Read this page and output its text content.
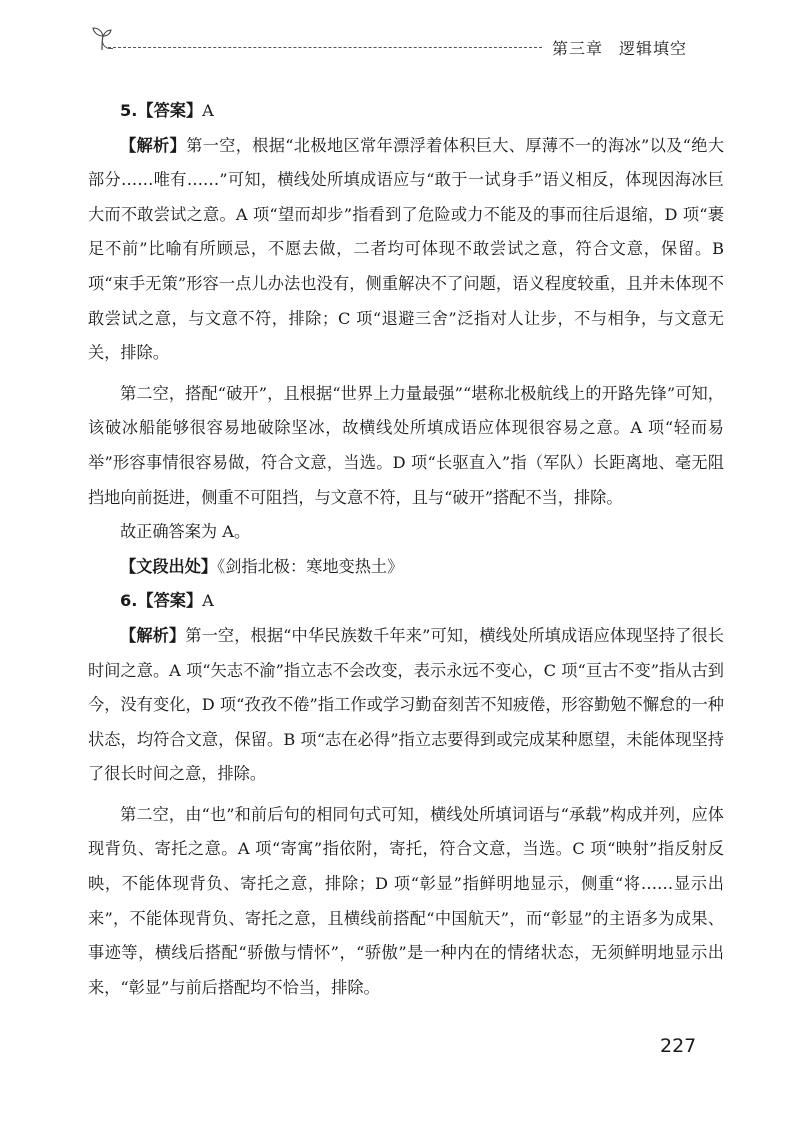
第三章 逻辑填空

5.【答案】A

【解析】第一空，根据“北极地区常年漂浮着体积巨大、厚薄不一的海冰”以及“绝大部分……唯有……”可知，横线处所填成语应与“敢于一试身手”语义相反，体现因海冰巨大而不敢尝试之意。A 项“望而却步”指看到了危险或力不能及的事而往后退缩，D 项“裹足不前”比喻有所顾忌，不愿去做，二者均可体现不敢尝试之意，符合文意，保留。B 项“束手无策”形容一点儿办法也没有，侧重解决不了问题，语义程度较重，且并未体现不敢尝试之意，与文意不符，排除；C 项“退避三舍”泛指对人让步，不与相争，与文意无关，排除。

第二空，搭配“破开”，且根据“世界上力量最强”“堪称北极航线上的开路先锋”可知，该破冰船能够很容易地破除坚冰，故横线处所填成语应体现很容易之意。A 项“轻而易举”形容事情很容易做，符合文意，当选。D 项“长驱直入”指（军队）长距离地、毫无阻挡地向前挺进，侧重不可阻挡，与文意不符，且与“破开”搭配不当，排除。

故正确答案为 A。

【文段出处】《剑指北极：寒地变热土》

6.【答案】A

【解析】第一空，根据“中华民族数千年来”可知，横线处所填成语应体现坚持了很长时间之意。A 项“矢志不渝”指立志不会改变，表示永远不变心，C 项“亘古不变”指从古到今，没有变化，D 项“孜孜不倦”指工作或学习勤奋刻苦不知疲倦，形容勤勉不懈怠的一种状态，均符合文意，保留。B 项“志在必得”指立志要得到或完成某种愿望，未能体现坚持了很长时间之意，排除。

第二空，由“也”和前后句的相同句式可知，横线处所填词语与“承载”构成并列，应体现背负、寄托之意。A 项“寄寓”指依附，寄托，符合文意，当选。C 项“映射”指反射反映，不能体现背负、寄托之意，排除；D 项“彰显”指鲜明地显示，侧重“将……显示出来”，不能体现背负、寄托之意，且横线前搭配“中国航天”，而“彰显”的主语多为成果、事迹等，横线后搭配“骄傲与情怀”，“骄傲”是一种内在的情绪状态，无须鲜明地显示出来，“彰显”与前后搭配均不恰当，排除。

227
